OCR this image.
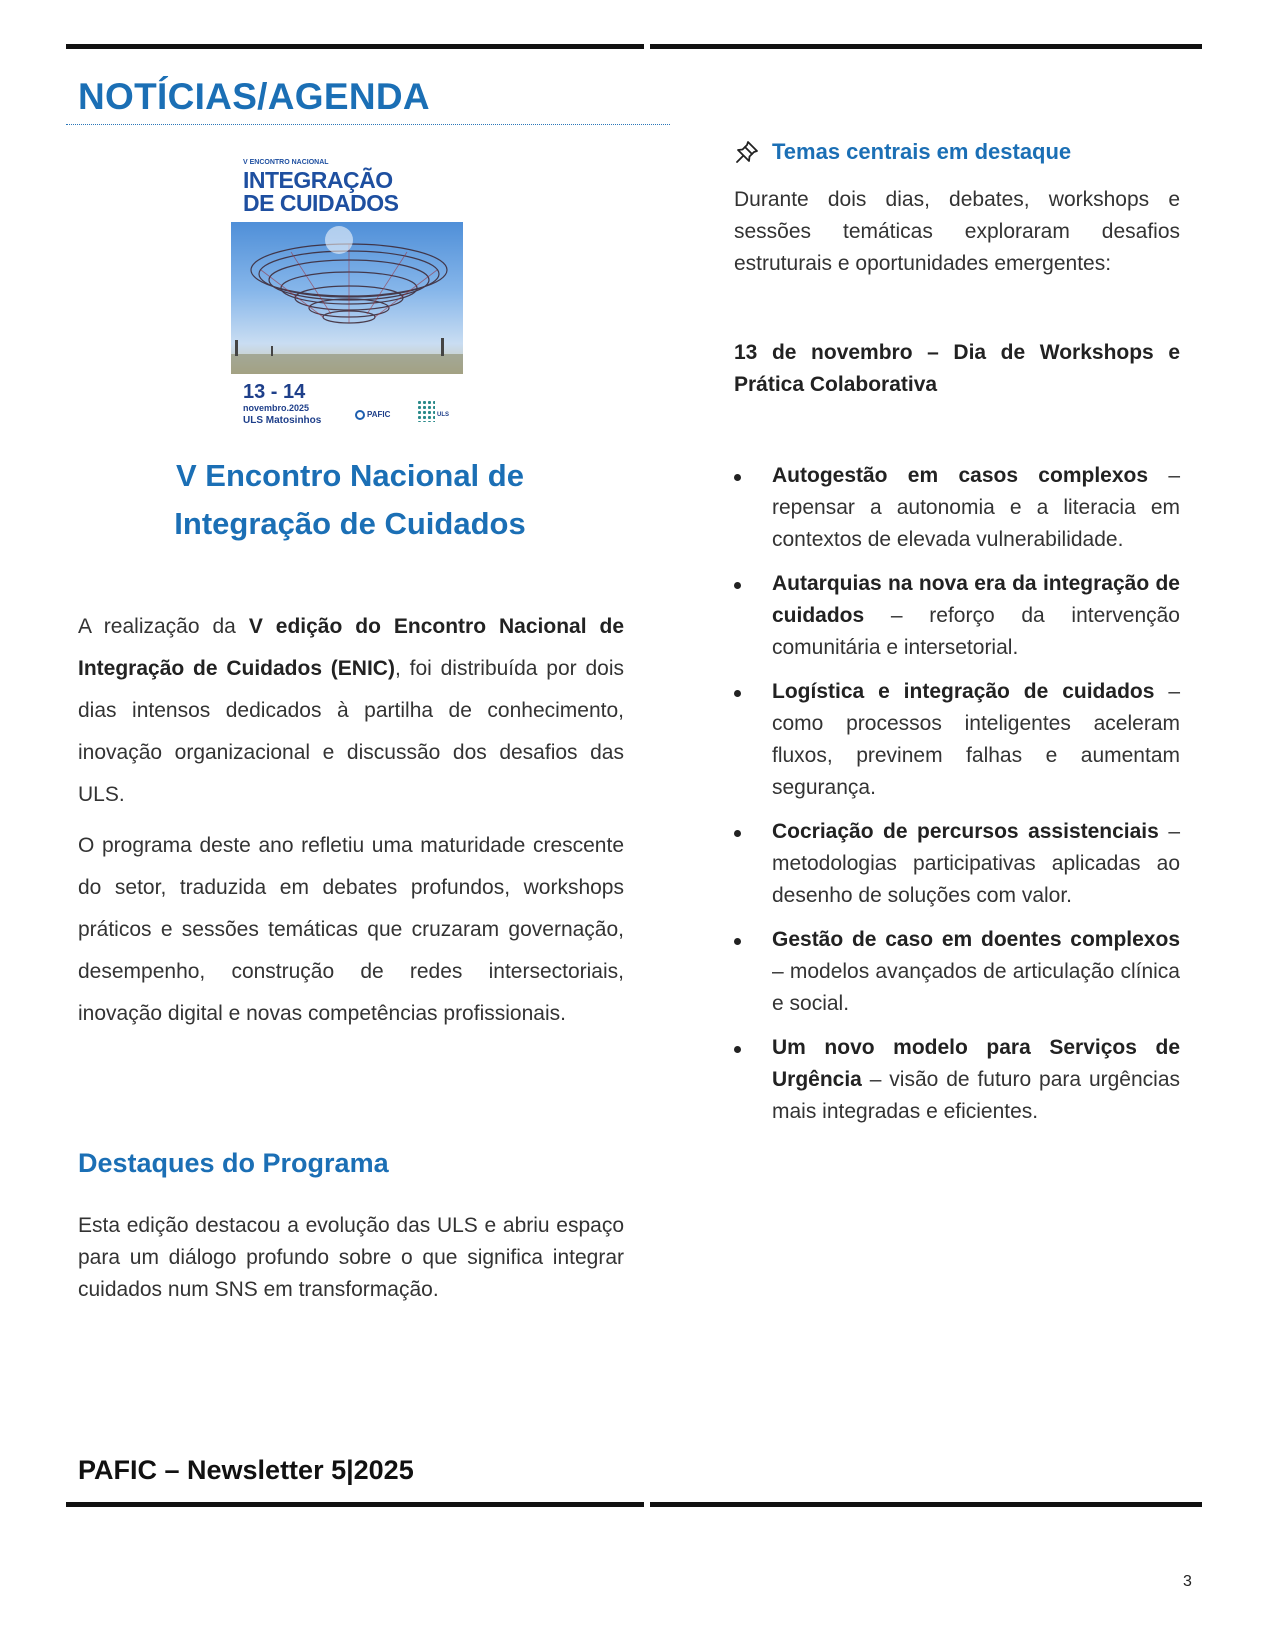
NOTÍCIAS/AGENDA
V ENCONTRO NACIONAL
INTEGRAÇÃO
DE CUIDADOS
13 - 14
novembro.2025
ULS Matosinhos
PAFIC	ULS
V Encontro Nacional de
Integração de Cuidados

A realização da V edição do Encontro Nacional de Integração de Cuidados (ENIC), foi distribuída por dois dias intensos dedicados à partilha de conhecimento, inovação organizacional e discussão dos desafios das ULS.

O programa deste ano refletiu uma maturidade crescente do setor, traduzida em debates profundos, workshops práticos e sessões temáticas que cruzaram governação, desempenho, construção de redes intersectoriais, inovação digital e novas competências profissionais.

Destaques do Programa

Esta edição destacou a evolução das ULS e abriu espaço para um diálogo profundo sobre o que significa integrar cuidados num SNS em transformação.

Temas centrais em destaque

Durante dois dias, debates, workshops e sessões temáticas exploraram desafios estruturais e oportunidades emergentes:

13 de novembro – Dia de Workshops e Prática Colaborativa

Autogestão em casos complexos – repensar a autonomia e a literacia em contextos de elevada vulnerabilidade.
Autarquias na nova era da integração de cuidados – reforço da intervenção comunitária e intersetorial.
Logística e integração de cuidados – como processos inteligentes aceleram fluxos, previnem falhas e aumentam segurança.
Cocriação de percursos assistenciais – metodologias participativas aplicadas ao desenho de soluções com valor.
Gestão de caso em doentes complexos – modelos avançados de articulação clínica e social.
Um novo modelo para Serviços de Urgência – visão de futuro para urgências mais integradas e eficientes.

PAFIC – Newsletter 5|2025

3
